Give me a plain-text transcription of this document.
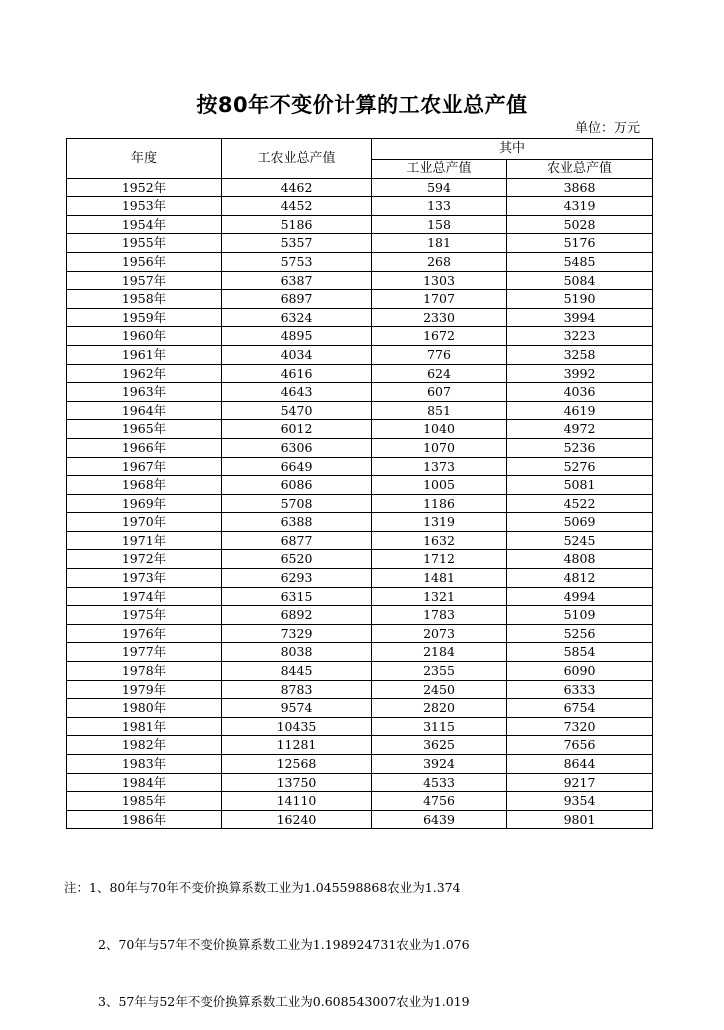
按80年不变价计算的工农业总产值
单位：万元
年度	工农业总产值	其中	
		工业总产值	农业总产值
1952年	4462	594	3868
1953年	4452	133	4319
1954年	5186	158	5028
1955年	5357	181	5176
1956年	5753	268	5485
1957年	6387	1303	5084
1958年	6897	1707	5190
1959年	6324	2330	3994
1960年	4895	1672	3223
1961年	4034	776	3258
1962年	4616	624	3992
1963年	4643	607	4036
1964年	5470	851	4619
1965年	6012	1040	4972
1966年	6306	1070	5236
1967年	6649	1373	5276
1968年	6086	1005	5081
1969年	5708	1186	4522
1970年	6388	1319	5069
1971年	6877	1632	5245
1972年	6520	1712	4808
1973年	6293	1481	4812
1974年	6315	1321	4994
1975年	6892	1783	5109
1976年	7329	2073	5256
1977年	8038	2184	5854
1978年	8445	2355	6090
1979年	8783	2450	6333
1980年	9574	2820	6754
1981年	10435	3115	7320
1982年	11281	3625	7656
1983年	12568	3924	8644
1984年	13750	4533	9217
1985年	14110	4756	9354
1986年	16240	6439	9801

注：1、80年与70年不变价换算系数工业为1.045598868农业为1.374

2、70年与57年不变价换算系数工业为1.198924731农业为1.076

3、57年与52年不变价换算系数工业为0.608543007农业为1.019
